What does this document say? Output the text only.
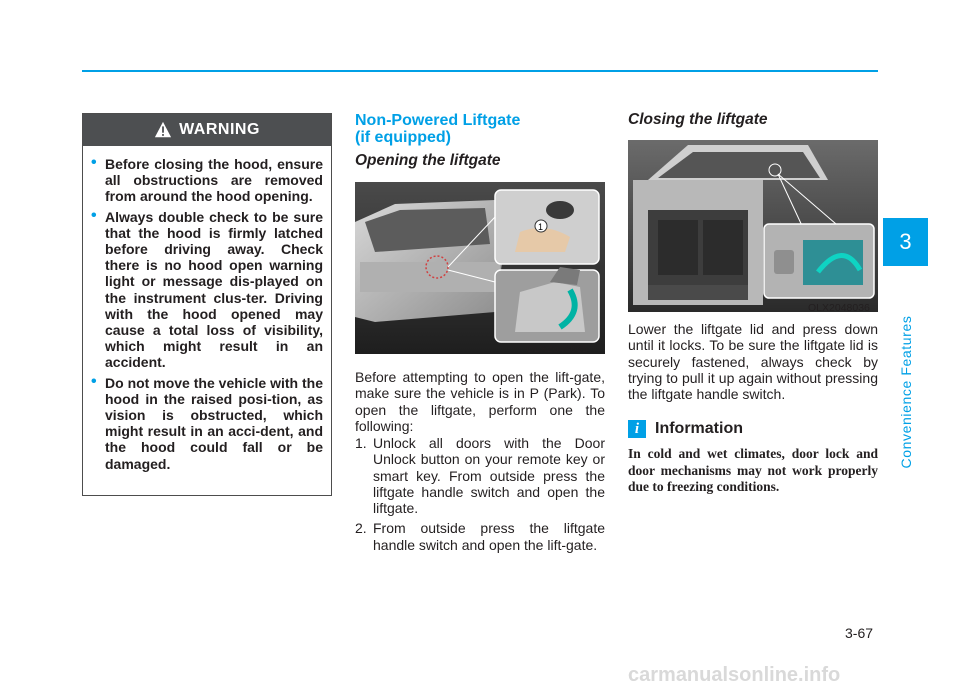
WARNING
• Before closing the hood, ensure all obstructions are removed from around the hood opening.
• Always double check to be sure that the hood is firmly latched before driving away. Check there is no hood open warning light or message dis-played on the instrument clus-ter. Driving with the hood opened may cause a total loss of visibility, which might result in an accident.
• Do not move the vehicle with the hood in the raised posi-tion, as vision is obstructed, which might result in an acci-dent, and the hood could fall or be damaged.
Non-Powered Liftgate
(if equipped)
Opening the liftgate
1
OLX2048035

Before attempting to open the lift-gate, make sure the vehicle is in P (Park). To open the liftgate, perform one the following:

1. Unlock all doors with the Door Unlock button on your remote key or smart key. From outside press the liftgate handle switch and open the liftgate.
2. From outside press the liftgate handle switch and open the lift-gate.
Closing the liftgate
OLX2048036

Lower the liftgate lid and press down until it locks. To be sure the liftgate lid is securely fastened, always check by trying to pull it up again without pressing the liftgate handle switch.

i Information

In cold and wet climates, door lock and door mechanisms may not work properly due to freezing conditions.

3
Convenience Features
3-67
carmanualsonline.info
